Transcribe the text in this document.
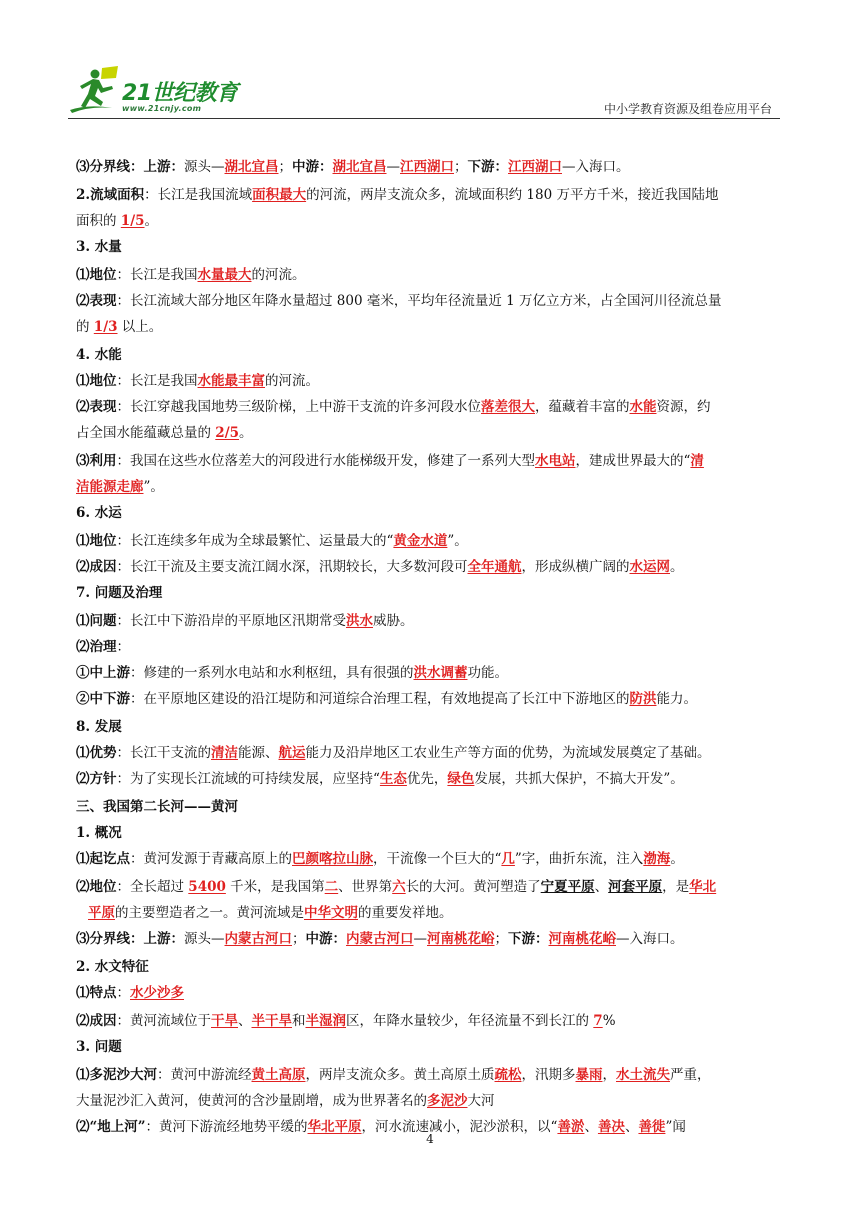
21世纪教育
www.21cnjy.com	中小学教育资源及组卷应用平台
⑶分界线：上游：源头—湖北宜昌；中游：湖北宜昌—江西湖口；下游：江西湖口—入海口。
2.流域面积：长江是我国流域面积最大的河流，两岸支流众多，流域面积约 180 万平方千米，接近我国陆地
面积的 1/5。
3. 水量
⑴地位：长江是我国水量最大的河流。
⑵表现：长江流域大部分地区年降水量超过 800 毫米，平均年径流量近 1 万亿立方米，占全国河川径流总量
的 1/3 以上。
4. 水能
⑴地位：长江是我国水能最丰富的河流。
⑵表现：长江穿越我国地势三级阶梯，上中游干支流的许多河段水位落差很大，蕴藏着丰富的水能资源，约
占全国水能蕴藏总量的 2/5。
⑶利用：我国在这些水位落差大的河段进行水能梯级开发，修建了一系列大型水电站，建成世界最大的“清
洁能源走廊”。
6. 水运
⑴地位：长江连续多年成为全球最繁忙、运量最大的“黄金水道”。
⑵成因：长江干流及主要支流江阔水深，汛期较长，大多数河段可全年通航，形成纵横广阔的水运网。
7. 问题及治理
⑴问题：长江中下游沿岸的平原地区汛期常受洪水威胁。
⑵治理：
①中上游：修建的一系列水电站和水利枢纽，具有很强的洪水调蓄功能。
②中下游：在平原地区建设的沿江堤防和河道综合治理工程，有效地提高了长江中下游地区的防洪能力。
8. 发展
⑴优势：长江干支流的清洁能源、航运能力及沿岸地区工农业生产等方面的优势，为流域发展奠定了基础。
⑵方针：为了实现长江流域的可持续发展，应坚持“生态优先，绿色发展，共抓大保护，不搞大开发”。
三、我国第二长河——黄河
1. 概况
⑴起讫点：黄河发源于青藏高原上的巴颜喀拉山脉，干流像一个巨大的“几”字，曲折东流，注入渤海。
⑵地位：全长超过 5400 千米，是我国第二、世界第六长的大河。黄河塑造了宁夏平原、河套平原，是华北
平原的主要塑造者之一。黄河流域是中华文明的重要发祥地。
⑶分界线：上游：源头—内蒙古河口；中游：内蒙古河口—河南桃花峪；下游：河南桃花峪—入海口。
2. 水文特征
⑴特点：水少沙多
⑵成因：黄河流域位于干旱、半干旱和半湿润区，年降水量较少，年径流量不到长江的 7%
3. 问题
⑴多泥沙大河：黄河中游流经黄土高原，两岸支流众多。黄土高原土质疏松，汛期多暴雨，水土流失严重，
大量泥沙汇入黄河，使黄河的含沙量剧增，成为世界著名的多泥沙大河
⑵“地上河”：黄河下游流经地势平缓的华北平原，河水流速减小，泥沙淤积，以“善淤、善决、善徙”闻
4
